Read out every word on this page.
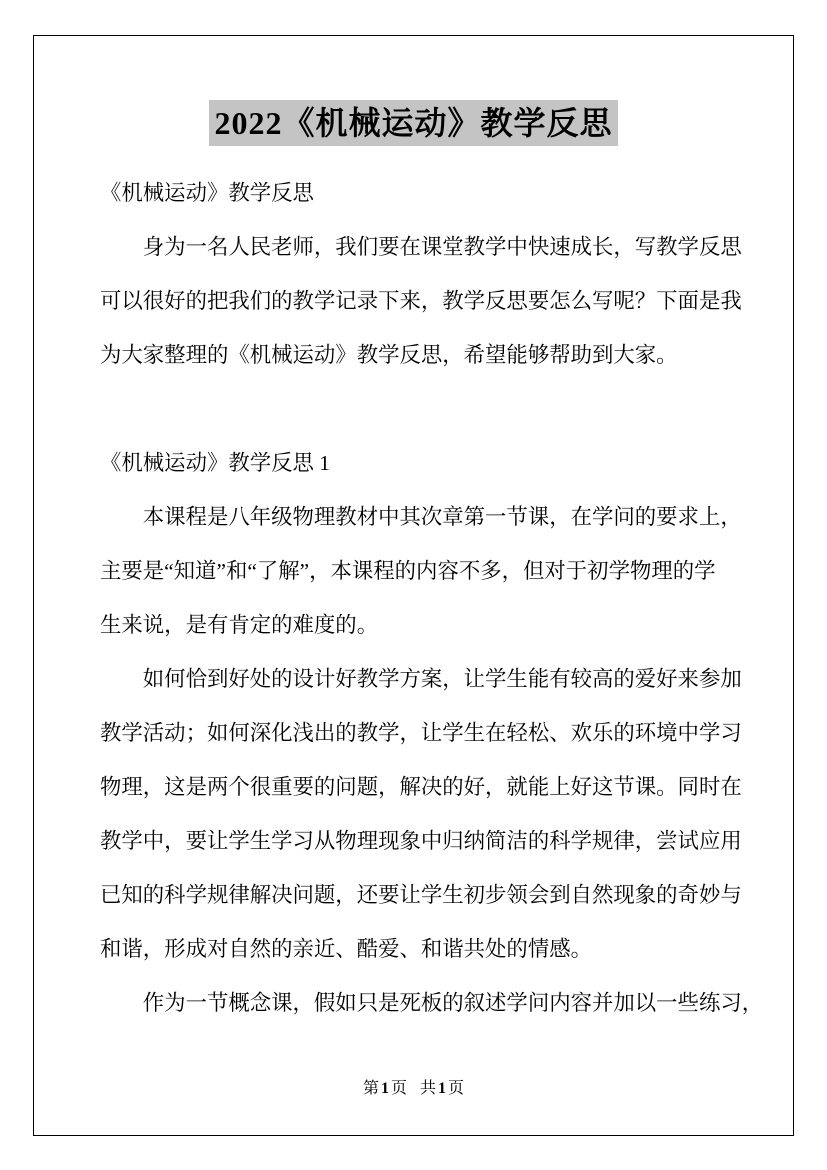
2022《机械运动》教学反思
《机械运动》教学反思
　　身为一名人民老师，我们要在课堂教学中快速成长，写教学反思
可以很好的把我们的教学记录下来，教学反思要怎么写呢？下面是我
为大家整理的《机械运动》教学反思，希望能够帮助到大家。
《机械运动》教学反思 1
　　本课程是八年级物理教材中其次章第一节课，在学问的要求上，
主要是“知道”和“了解”，本课程的内容不多，但对于初学物理的学
生来说，是有肯定的难度的。
　　如何恰到好处的设计好教学方案，让学生能有较高的爱好来参加
教学活动；如何深化浅出的教学，让学生在轻松、欢乐的环境中学习
物理，这是两个很重要的问题，解决的好，就能上好这节课。同时在
教学中，要让学生学习从物理现象中归纳简洁的科学规律，尝试应用
已知的科学规律解决问题，还要让学生初步领会到自然现象的奇妙与
和谐，形成对自然的亲近、酷爱、和谐共处的情感。
　　作为一节概念课，假如只是死板的叙述学问内容并加以一些练习，
第 1 页 共 1 页
